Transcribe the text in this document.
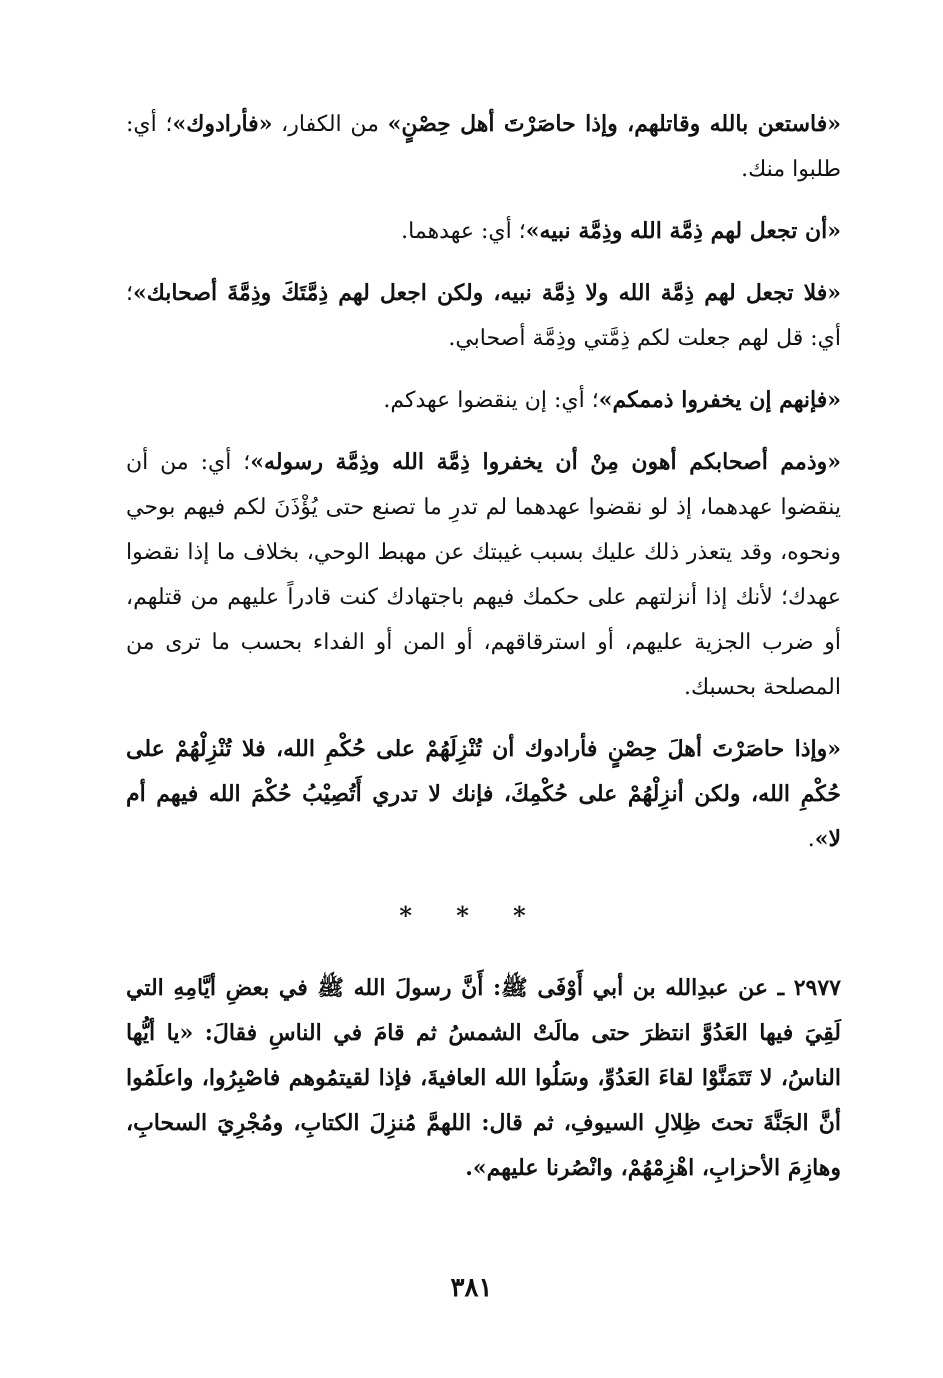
«فاستعن بالله وقاتلهم، وإذا حاصَرْتَ أهل حِصْنٍ» من الكفار، «فأرادوك»؛ أي: طلبوا منك.

«أن تجعل لهم ذِمَّة الله وذِمَّة نبيه»؛ أي: عهدهما.

«فلا تجعل لهم ذِمَّة الله ولا ذِمَّة نبيه، ولكن اجعل لهم ذِمَّتَكَ وذِمَّةَ أصحابك»؛ أي: قل لهم جعلت لكم ذِمَّتي وذِمَّة أصحابي.

«فإنهم إن يخفروا ذممكم»؛ أي: إن ينقضوا عهدكم.

«وذمم أصحابكم أهون مِنْ أن يخفروا ذِمَّة الله وذِمَّة رسوله»؛ أي: من أن ينقضوا عهدهما، إذ لو نقضوا عهدهما لم تدرِ ما تصنع حتى يُؤْذَنَ لكم فيهم بوحي ونحوه، وقد يتعذر ذلك عليك بسبب غيبتك عن مهبط الوحي، بخلاف ما إذا نقضوا عهدك؛ لأنك إذا أنزلتهم على حكمك فيهم باجتهادك كنت قادراً عليهم من قتلهم، أو ضرب الجزية عليهم، أو استرقاقهم، أو المن أو الفداء بحسب ما ترى من المصلحة بحسبك.

«وإذا حاصَرْتَ أهلَ حِصْنٍ فأرادوك أن تُنْزِلَهُمْ على حُكْمِ الله، فلا تُنْزِلْهُمْ على حُكْمِ الله، ولكن أنزِلْهُمْ على حُكْمِكَ، فإنك لا تدري أَتُصِيْبُ حُكْمَ الله فيهم أم لا».

* * *
٢٩٧٧ ـ عن عبدِالله بن أبي أَوْفَى ﷺ: أَنَّ رسولَ الله ﷺ في بعضِ أيَّامِهِ التي لَقِيَ فيها العَدُوَّ انتظرَ حتى مالَتْ الشمسُ ثم قامَ في الناسِ فقالَ: «يا أيُّها الناسُ، لا تَتَمَنَّوْا لقاءَ العَدُوِّ، وسَلُوا الله العافيةَ، فإذا لقيتمُوهم فاصْبِرُوا، واعلَمُوا أنَّ الجَنَّةَ تحتَ ظِلالِ السيوفِ، ثم قال: اللهمَّ مُنزِلَ الكتابِ، ومُجْرِيَ السحابِ، وهازِمَ الأحزابِ، اهْزِمْهُمْ، وانْصُرنا عليهم».
٣٨١
